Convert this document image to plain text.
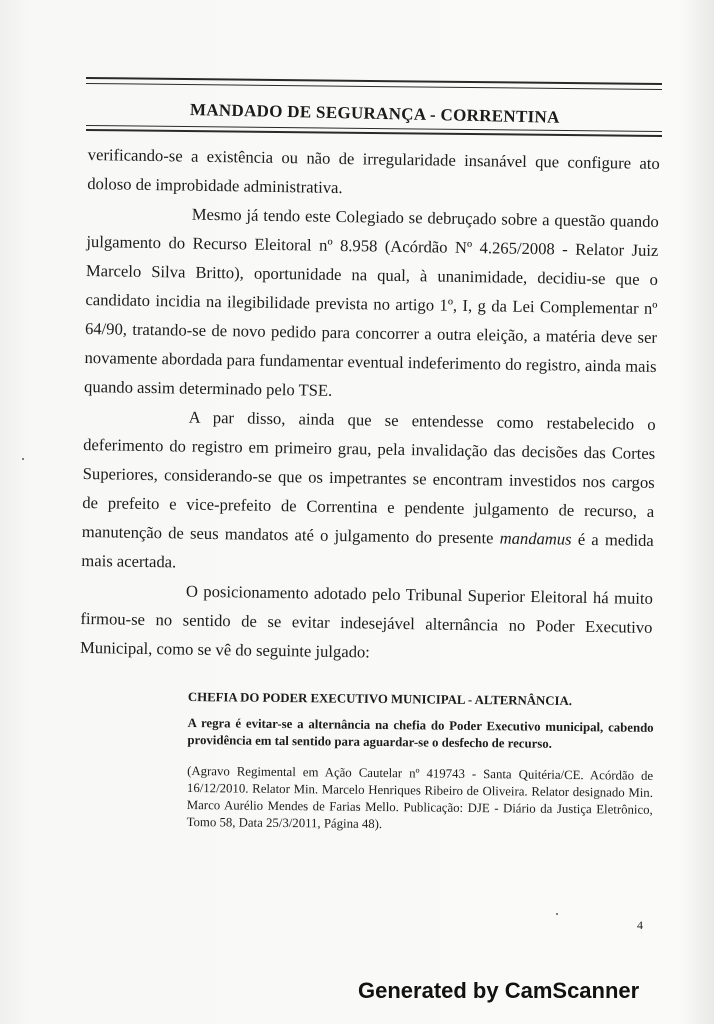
MANDADO DE SEGURANÇA - CORRENTINA

verificando-se a existência ou não de irregularidade insanável que configure ato doloso de improbidade administrativa.

Mesmo já tendo este Colegiado se debruçado sobre a questão quando julgamento do Recurso Eleitoral nº 8.958 (Acórdão Nº 4.265/2008 - Relator Juiz Marcelo Silva Britto), oportunidade na qual, à unanimidade, decidiu-se que o candidato incidia na ilegibilidade prevista no artigo 1º, I, g da Lei Complementar nº 64/90, tratando-se de novo pedido para concorrer a outra eleição, a matéria deve ser novamente abordada para fundamentar eventual indeferimento do registro, ainda mais quando assim determinado pelo TSE.

A par disso, ainda que se entendesse como restabelecido o deferimento do registro em primeiro grau, pela invalidação das decisões das Cortes Superiores, considerando-se que os impetrantes se encontram investidos nos cargos de prefeito e vice-prefeito de Correntina e pendente julgamento de recurso, a manutenção de seus mandatos até o julgamento do presente mandamus é a medida mais acertada.

O posicionamento adotado pelo Tribunal Superior Eleitoral há muito firmou-se no sentido de se evitar indesejável alternância no Poder Executivo Municipal, como se vê do seguinte julgado:

CHEFIA DO PODER EXECUTIVO MUNICIPAL - ALTERNÂNCIA.

A regra é evitar-se a alternância na chefia do Poder Executivo municipal, cabendo providência em tal sentido para aguardar-se o desfecho de recurso.

(Agravo Regimental em Ação Cautelar nº 419743 - Santa Quitéria/CE. Acórdão de 16/12/2010. Relator Min. Marcelo Henriques Ribeiro de Oliveira. Relator designado Min. Marco Aurélio Mendes de Farias Mello. Publicação: DJE - Diário da Justiça Eletrônico, Tomo 58, Data 25/3/2011, Página 48).

4
Generated by CamScanner
